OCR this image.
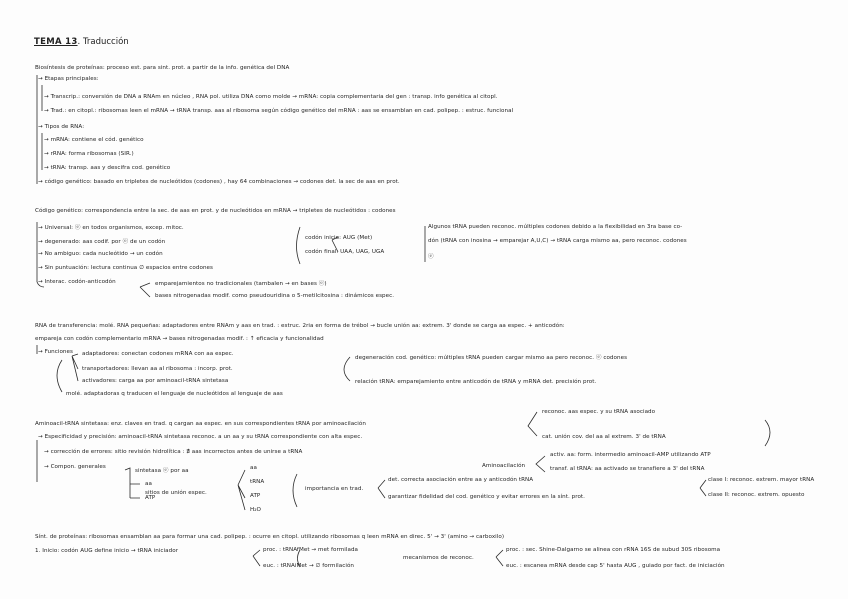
TEMA 13. Traducción
Biosíntesis de proteínas: proceso est. para sint. prot. a partir de la info. genética del DNA
→ Etapas principales:
→ Transcrip.: conversión de DNA a RNAm en núcleo , RNA pol. utiliza DNA como molde → mRNA: copia complementaria del gen : transp. info genética al citopl.
→ Trad.: en citopl.: ribosomas leen el mRNA → tRNA transp. aas al ribosoma según código genético del mRNA : aas se ensamblan en cad. polipep. : estruc. funcional
→ Tipos de RNA:
→ mRNA: contiene el cód. genético
→ rRNA: forma ribosomas (SIR.)
→ tRNA: transp. aas y descifra cod. genético
→ código genético: basado en tripletes de nucleótidos (codones) , hay 64 combinaciones → codones det. la sec de aas en prot.
Código genético: correspondencia entre la sec. de aas en prot. y de nucleótidos en mRNA → tripletes de nucleótidos : codones
→ Universal: ⓔ en todos organismos, excep. mitoc.
→ degenerado: aas codif. por ⓔ de un codón
→ No ambiguo: cada nucleótido → un codón
→ Sin puntuación: lectura continua ∅ espacios entre codones
→ Interac. codón-anticodón	emparejamientos no tradicionales (tambalen → en bases ⓔ)
bases nitrogenadas modif. como pseudouridina o 5-metilcitosina : dinámicos espec.
codón inicio: AUG (Met)
codón final: UAA, UAG, UGA
Algunos tRNA pueden reconoc. múltiples codones debido a la flexibilidad en 3ra base co-
dón (tRNA con inosina → emparejar A,U,C) → tRNA carga mismo aa, pero reconoc. codones
ⓔ
RNA de transferencia: molé. RNA pequeñas: adaptadores entre RNAm y aas en trad. : estruc. 2ria en forma de trébol → bucle unión aa: extrem. 3' donde se carga aa espec. + anticodón:
empareja con codón complementario mRNA → bases nitrogenadas modif. : ↑ eficacia y funcionalidad
→ Funciones adaptadores: conectan codones mRNA con aa espec.
transportadores: llevan aa al ribosoma : incorp. prot.
activadores: carga aa por aminoacil-tRNA sintetasa
molé. adaptadoras q traducen el lenguaje de nucleótidos al lenguaje de aas
degeneración cod. genético: múltiples tRNA pueden cargar mismo aa pero reconoc. ⓔ codones
relación tRNA: emparejamiento entre anticodón de tRNA y mRNA det. precisión prot.
Aminoacil-tRNA sintetasa: enz. claves en trad. q cargan aa espec. en sus correspondientes tRNA por aminoacilación
reconoc. aas espec. y su tRNA asociado
→ Especificidad y precisión: aminoacil-tRNA sintetasa reconoc. a un aa y su tRNA correspondiente con alta espec.	cat. unión cov. del aa al extrem. 3' de tRNA
→ corrección de errores: sitio revisión hidrolítica : ∄ aas incorrectos antes de unirse a tRNA	activ. aa: form. intermedio aminoacil-AMP utilizando ATP
Aminoacilación	transf. al tRNA: aa activado se transfiere a 3' del tRNA
→ Compon. generales
sintetasa ⓔ por aa
aa
ATP
sitios de unión espec.
aa
tRNA
ATP
H₂O
importancia en trad.
det. correcta asociación entre aa y anticodón tRNA
garantizar fidelidad del cod. genético y evitar errores en la sínt. prot.
clase I: reconoc. extrem. mayor tRNA
clase II: reconoc. extrem. opuesto
Sínt. de proteínas: ribosomas ensamblan aa para formar una cad. polipep. : ocurre en citopl. utilizando ribosomas q leen mRNA en direc. 5' → 3' (amino → carboxilo)
1. Inicio: codón AUG define inicio → tRNA iniciador	proc. : tRNAfMet → met formilada
euc. : tRNAiMet → ∅ formilación
mecanismos de reconoc.
proc. : sec. Shine-Dalgarno se alinea con rRNA 16S de subud 30S ribosoma
euc. : escanea mRNA desde cap 5' hasta AUG , guiado por fact. de iniciación
